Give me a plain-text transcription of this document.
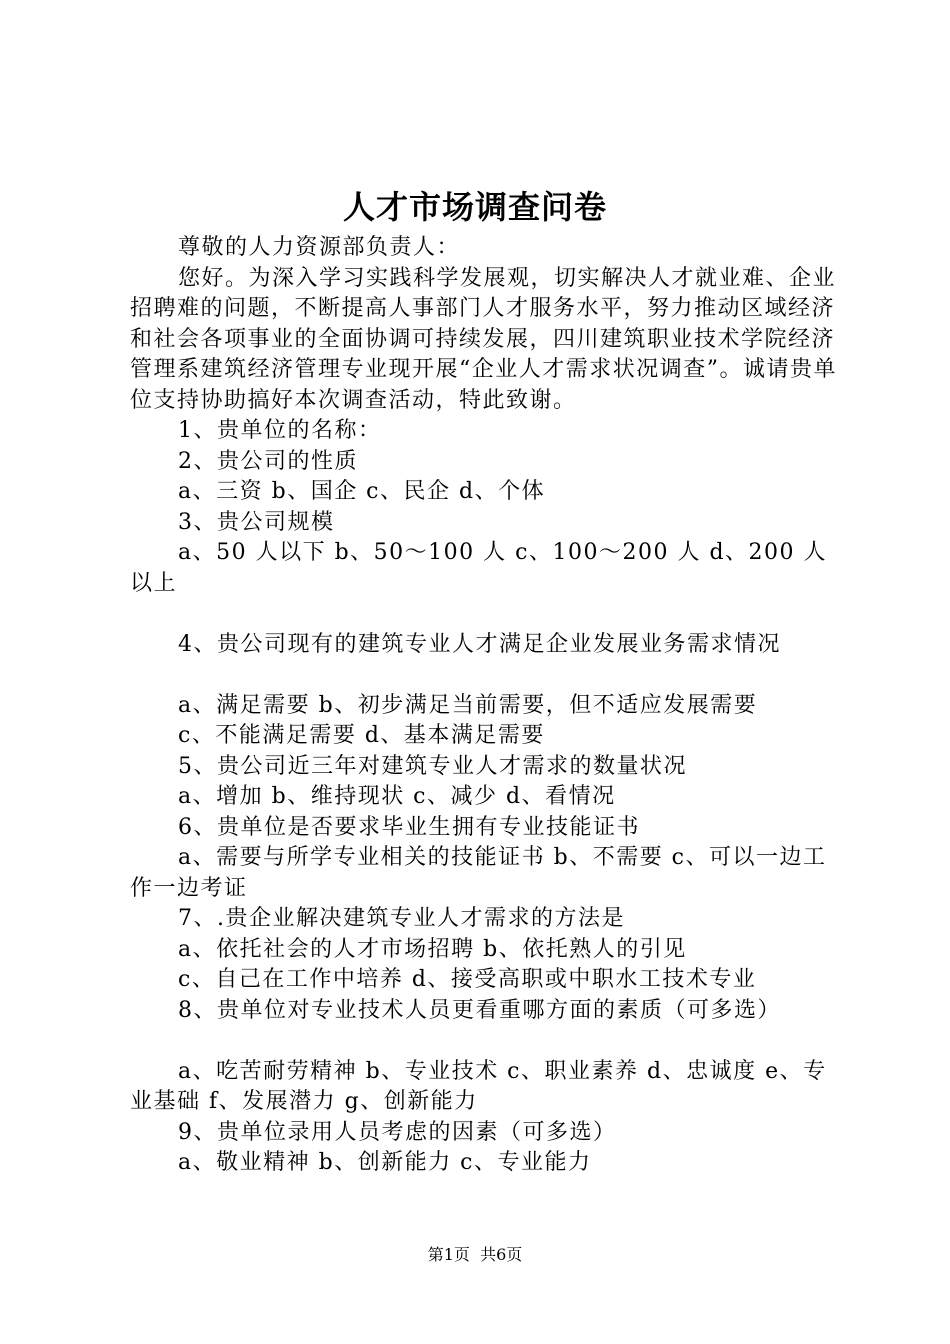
人才市场调查问卷

尊敬的人力资源部负责人：

您好。为深入学习实践科学发展观，切实解决人才就业难、企业招聘难的问题，不断提高人事部门人才服务水平，努力推动区域经济和社会各项事业的全面协调可持续发展，四川建筑职业技术学院经济管理系建筑经济管理专业现开展“企业人才需求状况调查”。诚请贵单位支持协助搞好本次调查活动，特此致谢。

1、贵单位的名称：

2、贵公司的性质

a、三资 b、国企 c、民企 d、个体

3、贵公司规模

a、50 人以下 b、50～100 人 c、100～200 人 d、200 人以上

4、贵公司现有的建筑专业人才满足企业发展业务需求情况

a、满足需要 b、初步满足当前需要，但不适应发展需要

c、不能满足需要 d、基本满足需要

5、贵公司近三年对建筑专业人才需求的数量状况

a、增加 b、维持现状 c、减少 d、看情况

6、贵单位是否要求毕业生拥有专业技能证书

a、需要与所学专业相关的技能证书 b、不需要 c、可以一边工作一边考证

7、.贵企业解决建筑专业人才需求的方法是

a、依托社会的人才市场招聘 b、依托熟人的引见

c、自己在工作中培养 d、接受高职或中职水工技术专业

8、贵单位对专业技术人员更看重哪方面的素质（可多选）

a、吃苦耐劳精神 b、专业技术 c、职业素养 d、忠诚度 e、专业基础 f、发展潜力 g、创新能力

9、贵单位录用人员考虑的因素（可多选）

a、敬业精神 b、创新能力 c、专业能力

第1页  共6页
